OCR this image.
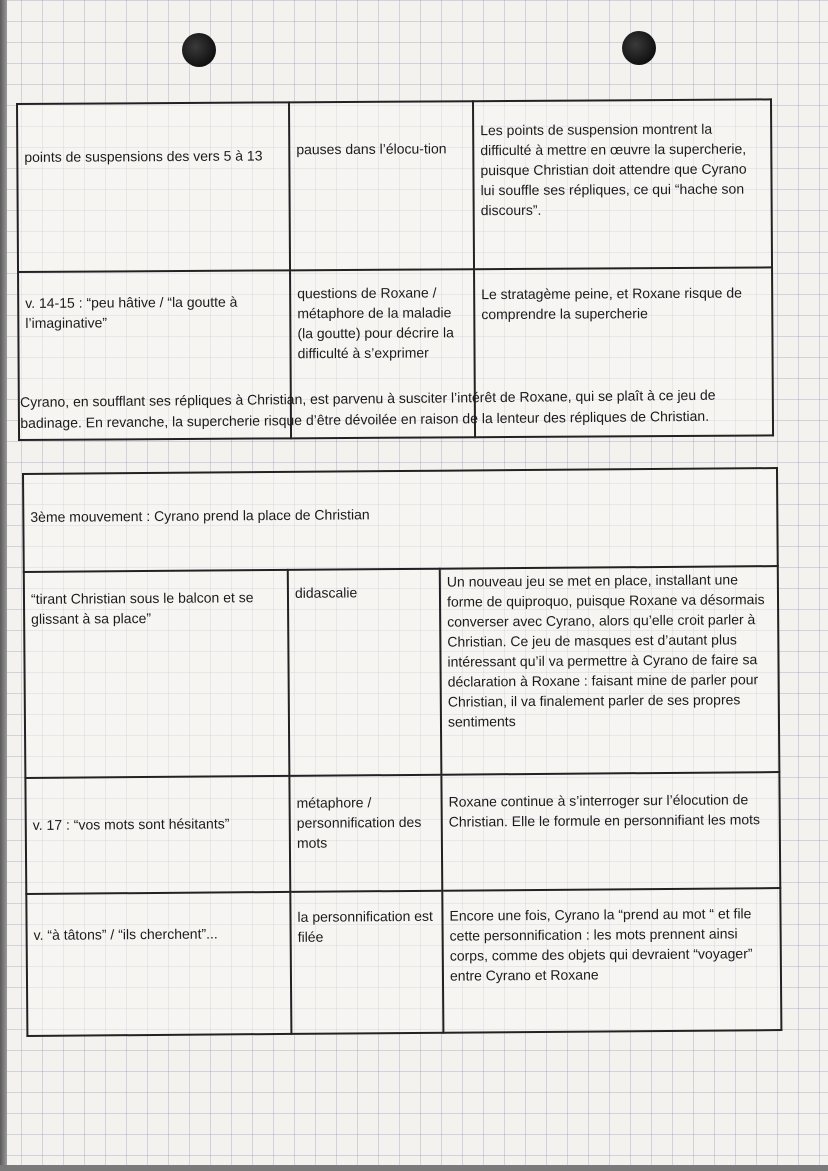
points de suspensions des vers 5 à 13	pauses dans l’élocu-tion	Les points de suspension montrent la difficulté à mettre en œuvre la supercherie, puisque Christian doit attendre que Cyrano lui souffle ses répliques, ce qui “hache son discours”.
v. 14-15 : “peu hâtive / “la goutte à l’imaginative”	questions de Roxane / métaphore de la maladie (la goutte) pour décrire la difficulté à s’exprimer	Le stratagème peine, et Roxane risque de comprendre la supercherie
Cyrano, en soufflant ses répliques à Christian, est parvenu à susciter l’intérêt de Roxane, qui se plaît à ce jeu de badinage. En revanche, la supercherie risque d’être dévoilée en raison de la lenteur des répliques de Christian.
3ème mouvement : Cyrano prend la place de Christian		
“tirant Christian sous le balcon et se glissant à sa place”	didascalie	Un nouveau jeu se met en place, installant une forme de quiproquo, puisque Roxane va désormais converser avec Cyrano, alors qu’elle croit parler à Christian. Ce jeu de masques est d’autant plus intéressant qu’il va permettre à Cyrano de faire sa déclaration à Roxane : faisant mine de parler pour Christian, il va finalement parler de ses propres sentiments
v. 17 : “vos mots sont hésitants”	métaphore / personnification des mots	Roxane continue à s’interroger sur l’élocution de Christian. Elle le formule en personnifiant les mots
v. “à tâtons” / “ils cherchent”...	la personnification est filée	Encore une fois, Cyrano la “prend au mot “ et file cette personnification : les mots prennent ainsi corps, comme des objets qui devraient “voyager” entre Cyrano et Roxane
